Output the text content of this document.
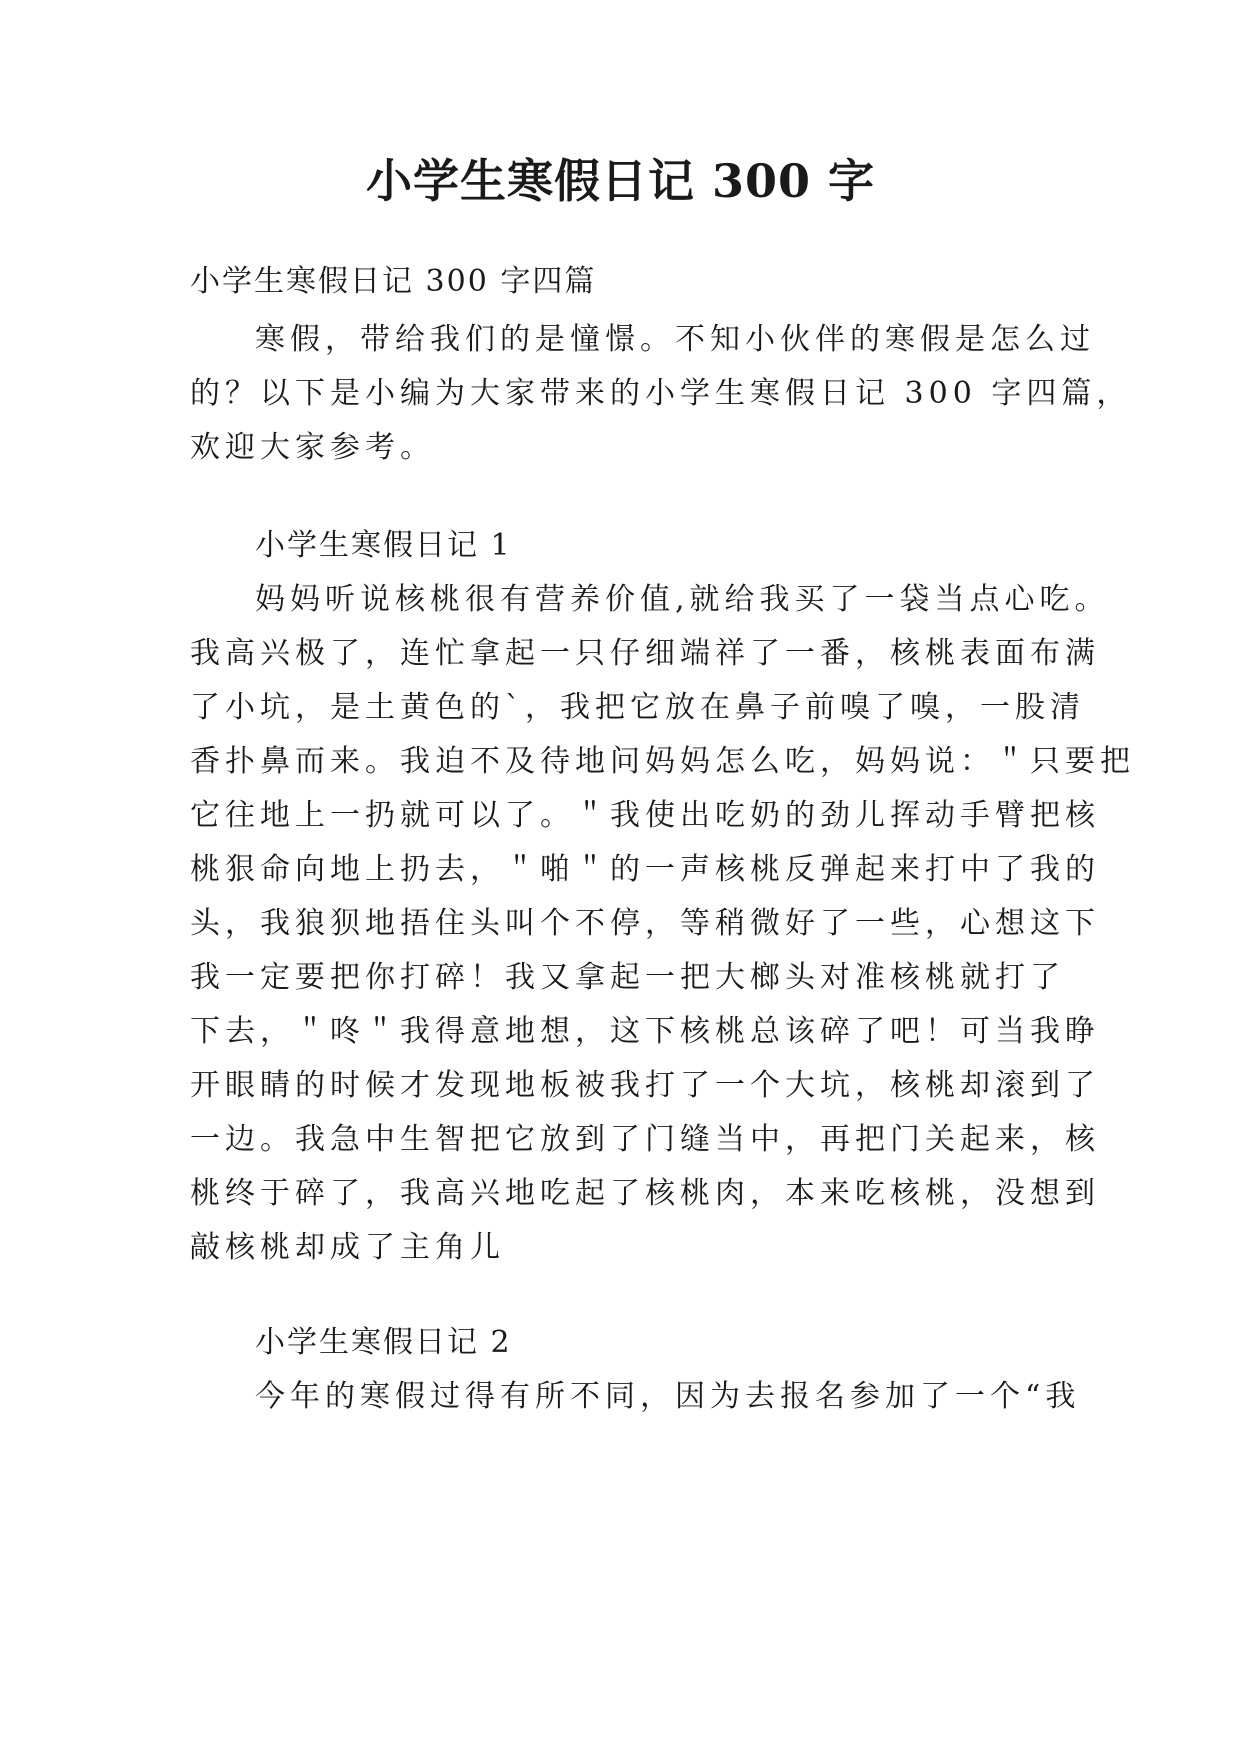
小学生寒假日记 300 字
小学生寒假日记 300 字四篇
寒假，带给我们的是憧憬。不知小伙伴的寒假是怎么过
的？以下是小编为大家带来的小学生寒假日记 300 字四篇，
欢迎大家参考。
小学生寒假日记 1
妈妈听说核桃很有营养价值,就给我买了一袋当点心吃。
我高兴极了，连忙拿起一只仔细端祥了一番，核桃表面布满
了小坑，是土黄色的`，我把它放在鼻子前嗅了嗅，一股清
香扑鼻而来。我迫不及待地问妈妈怎么吃，妈妈说：＂只要把
它往地上一扔就可以了。＂我使出吃奶的劲儿挥动手臂把核
桃狠命向地上扔去，＂啪＂的一声核桃反弹起来打中了我的
头，我狼狈地捂住头叫个不停，等稍微好了一些，心想这下
我一定要把你打碎！我又拿起一把大榔头对准核桃就打了
下去，＂咚＂我得意地想，这下核桃总该碎了吧！可当我睁
开眼睛的时候才发现地板被我打了一个大坑，核桃却滚到了
一边。我急中生智把它放到了门缝当中，再把门关起来，核
桃终于碎了，我高兴地吃起了核桃肉，本来吃核桃，没想到
敲核桃却成了主角儿
小学生寒假日记 2
今年的寒假过得有所不同，因为去报名参加了一个“我
